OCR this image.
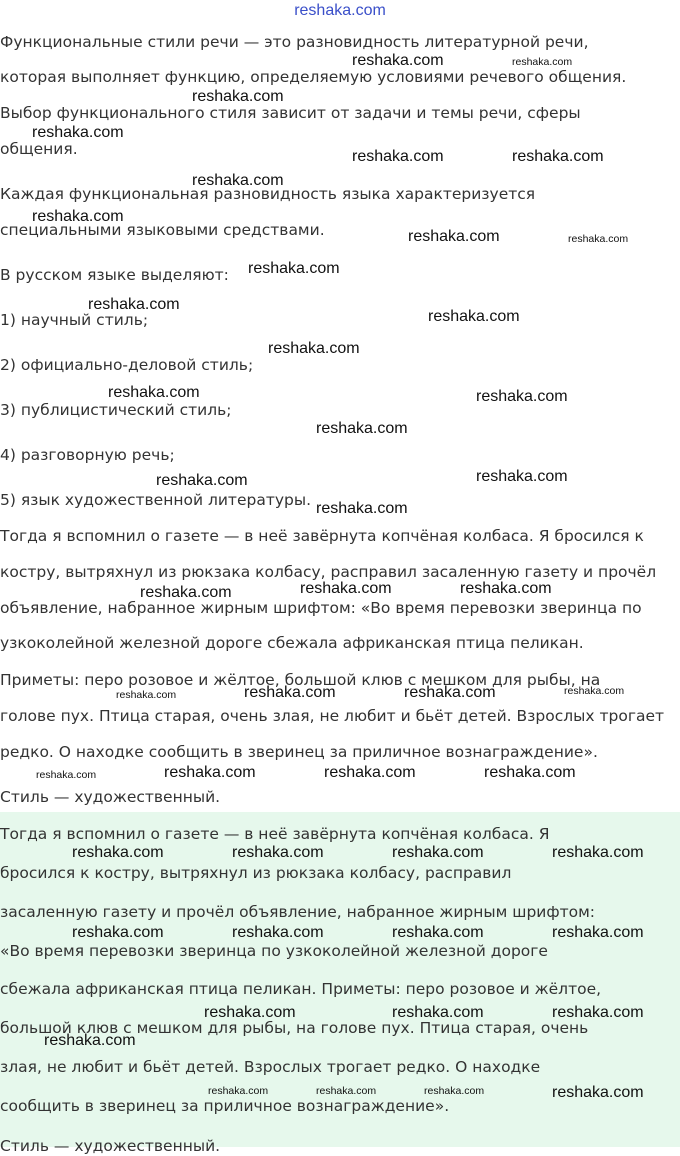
reshaka.com
Функциональные стили речи — это разновидность литературной речи,
которая выполняет функцию, определяемую условиями речевого общения.
Выбор функционального стиля зависит от задачи и темы речи, сферы
общения.
Каждая функциональная разновидность языка характеризуется
специальными языковыми средствами.
В русском языке выделяют:
1) научный стиль;
2) официально-деловой стиль;
3) публицистический стиль;
4) разговорную речь;
5) язык художественной литературы.
Тогда я вспомнил о газете — в неё завёрнута копчёная колбаса. Я бросился к
костру, вытряхнул из рюкзака колбасу, расправил засаленную газету и прочёл
объявление, набранное жирным шрифтом: «Во время перевозки зверинца по
узкоколейной железной дороге сбежала африканская птица пеликан.
Приметы: перо розовое и жёлтое, большой клюв с мешком для рыбы, на
голове пух. Птица старая, очень злая, не любит и бьёт детей. Взрослых трогает
редко. О находке сообщить в зверинец за приличное вознаграждение».
Стиль — художественный.
Тогда я вспомнил о газете — в неё завёрнута копчёная колбаса. Я
бросился к костру, вытряхнул из рюкзака колбасу, расправил
засаленную газету и прочёл объявление, набранное жирным шрифтом:
«Во время перевозки зверинца по узкоколейной железной дороге
сбежала африканская птица пеликан. Приметы: перо розовое и жёлтое,
большой клюв с мешком для рыбы, на голове пух. Птица старая, очень
злая, не любит и бьёт детей. Взрослых трогает редко. О находке
сообщить в зверинец за приличное вознаграждение».
Стиль — художественный.
reshaka.com	reshaka.com
reshaka.com
reshaka.com
reshaka.com	reshaka.com
reshaka.com
reshaka.com
reshaka.com	reshaka.com
reshaka.com
reshaka.com
reshaka.com
reshaka.com
reshaka.com	reshaka.com
reshaka.com
reshaka.com	reshaka.com
reshaka.com
reshaka.com	reshaka.com	reshaka.com
reshaka.com	reshaka.com	reshaka.com	reshaka.com
reshaka.com	reshaka.com	reshaka.com	reshaka.com
reshaka.com	reshaka.com	reshaka.com	reshaka.com
reshaka.com	reshaka.com	reshaka.com	reshaka.com
reshaka.com	reshaka.com	reshaka.com
reshaka.com
reshaka.com	reshaka.com	reshaka.com	reshaka.com
